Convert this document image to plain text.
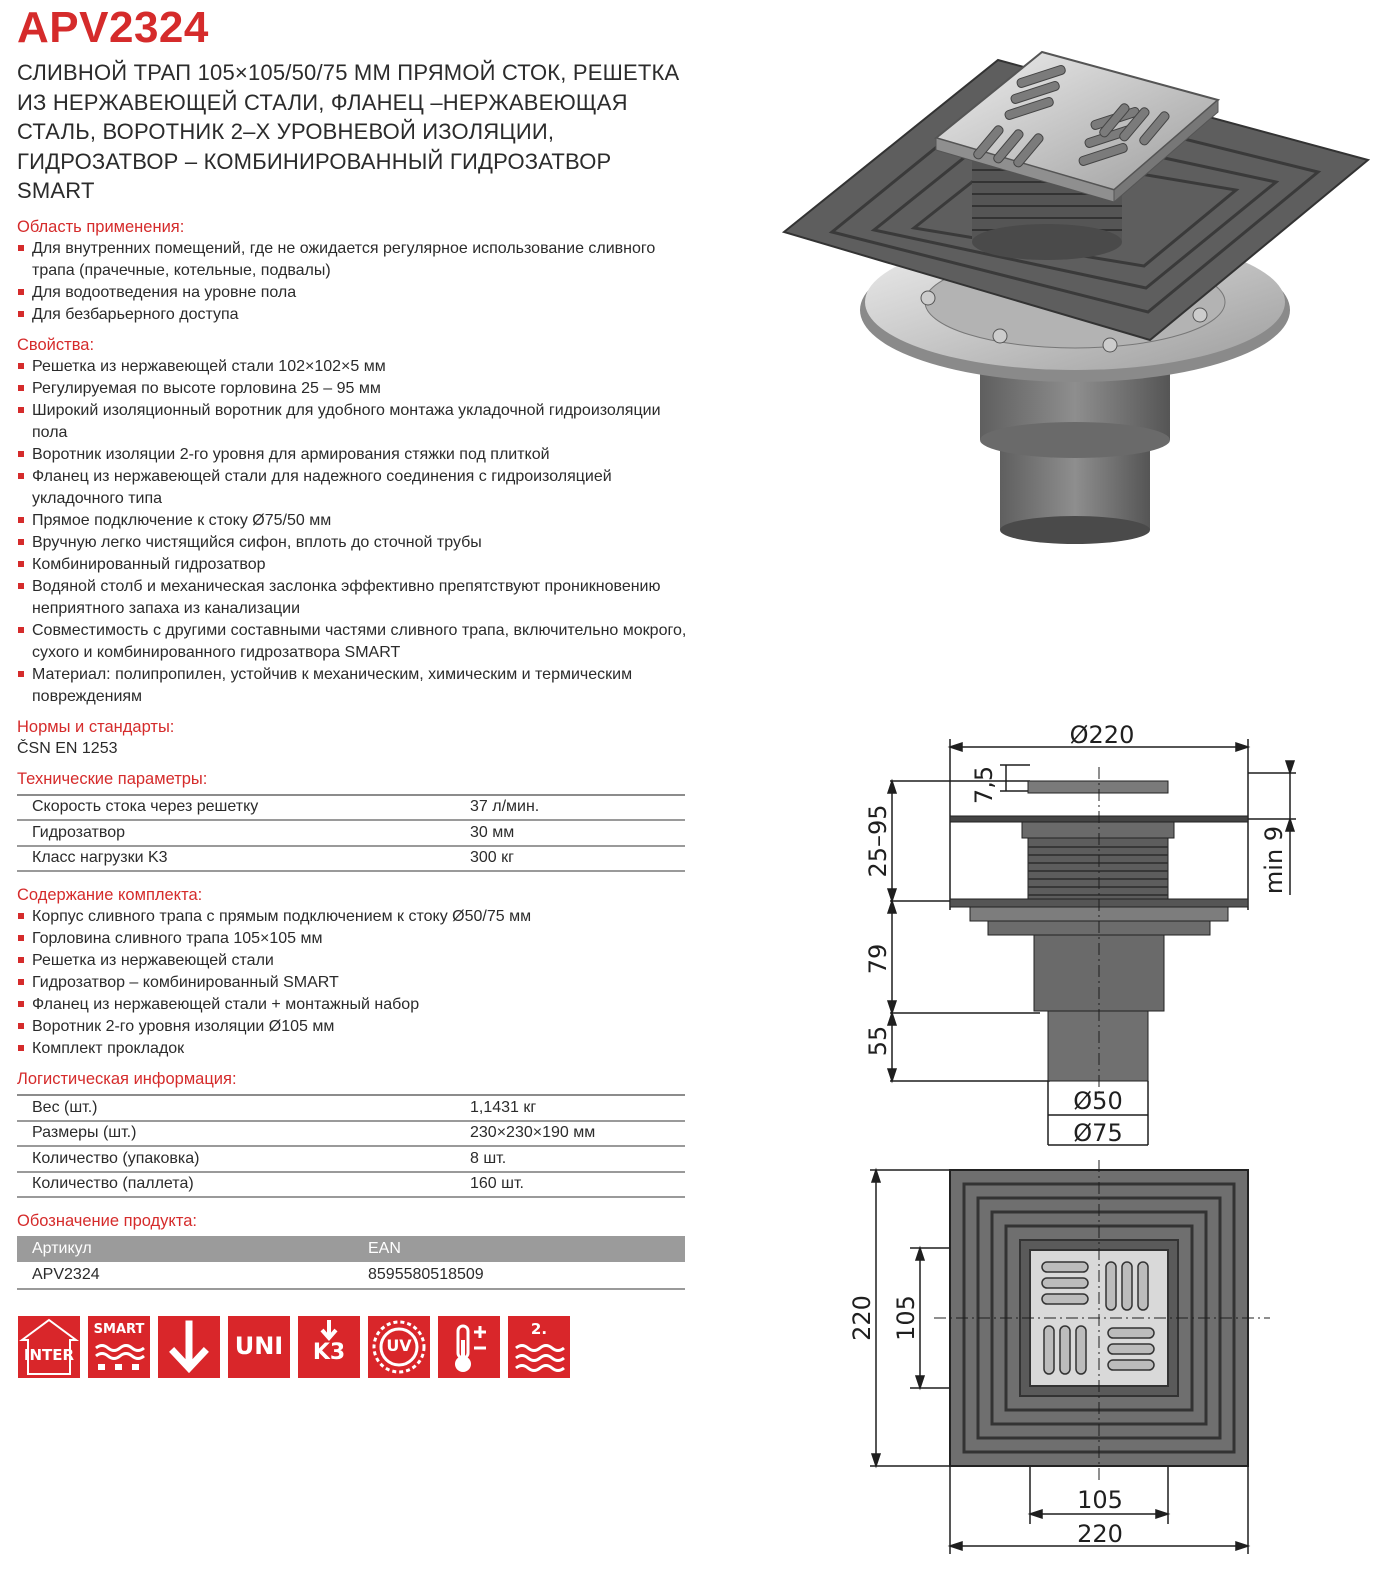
APV2324
СЛИВНОЙ ТРАП 105×105/50/75 ММ ПРЯМОЙ СТОК, РЕШЕТКА ИЗ НЕРЖАВЕЮЩЕЙ СТАЛИ, ФЛАНЕЦ –НЕРЖАВЕЮЩАЯ СТАЛЬ, ВОРОТНИК 2–Х УРОВНЕВОЙ ИЗОЛЯЦИИ, ГИДРОЗАТВОР – КОМБИНИРОВАННЫЙ ГИДРОЗАТВОР SMART
Область применения:
Для внутренних помещений, где не ожидается регулярное использование сливного трапа (прачечные, котельные, подвалы)
Для водоотведения на уровне пола
Для безбарьерного доступа
Свойства:
Решетка из нержавеющей стали 102×102×5 мм
Регулируемая по высоте горловина 25 – 95 мм
Широкий изоляционный воротник для удобного монтажа укладочной гидроизоляции пола
Воротник изоляции 2-го уровня для армирования стяжки под плиткой
Фланец из нержавеющей стали для надежного соединения с гидроизоляцией укладочного типа
Прямое подключение к стоку Ø75/50 мм
Вручную легко чистящийся сифон, вплоть до сточной трубы
Комбинированный гидрозатвор
Водяной столб и механическая заслонка эффективно препятствуют проникновению неприятного запаха из канализации
Совместимость с другими составными частями сливного трапа, включительно мокрого, сухого и комбинированного гидрозатвора SMART
Материал: полипропилен, устойчив к механическим, химическим и термическим повреждениям
Нормы и стандарты:
ČSN EN 1253
Технические параметры:
Скорость стока через решетку	37 л/мин.
Гидрозатвор	30 мм
Класс нагрузки K3	300 кг
Содержание комплекта:
Корпус сливного трапа с прямым подключением к стоку Ø50/75 мм
Горловина сливного трапа 105×105 мм
Решетка из нержавеющей стали
Гидрозатвор – комбинированный SMART
Фланец из нержавеющей стали + монтажный набор
Воротник 2-го уровня изоляции Ø105 мм
Комплект прокладок
Логистическая информация:
Вес (шт.)	1,1431 кг
Размеры (шт.)	230×230×190 мм
Количество (упаковка)	8 шт.
Количество (паллета)	160 шт.
Обозначение продукта:
Артикул	EAN
APV2324	8595580518509
INTER
SMART
UNI	K3	UV
2.
Ø220
7,5
25–95	min 9
79
55
Ø50
Ø75
220 105
105
220
